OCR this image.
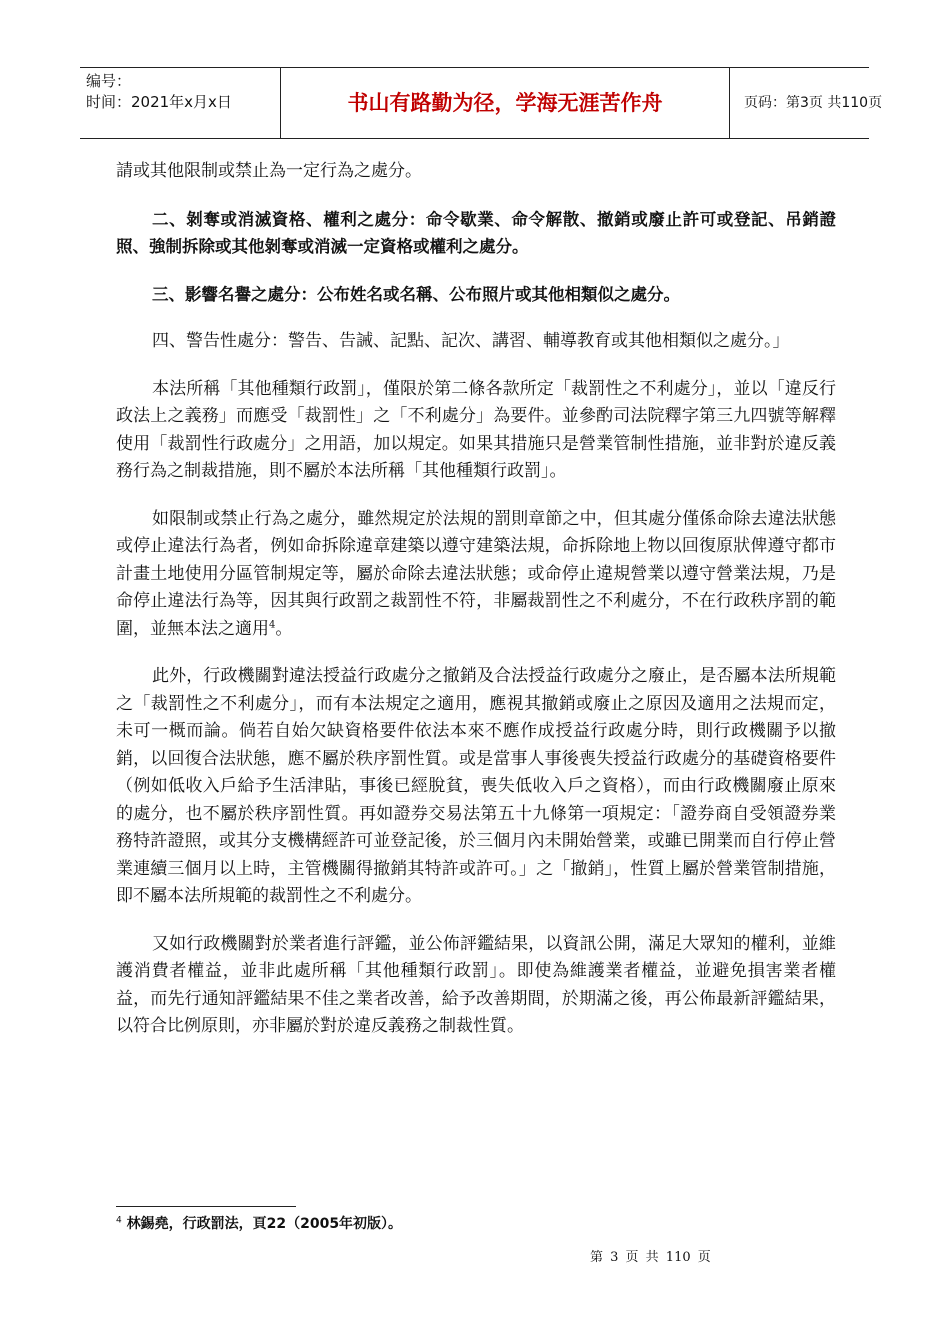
编号：
时间：2021年x月x日	书山有路勤为径，学海无涯苦作舟	页码：第3页 共110页

請或其他限制或禁止為一定行為之處分。

二、剝奪或消滅資格、權利之處分：命令歇業、命令解散、撤銷或廢止許可或登記、吊銷證照、強制拆除或其他剝奪或消滅一定資格或權利之處分。

三、影響名譽之處分：公布姓名或名稱、公布照片或其他相類似之處分。

四、警告性處分：警告、告誡、記點、記次、講習、輔導教育或其他相類似之處分。」

本法所稱「其他種類行政罰」，僅限於第二條各款所定「裁罰性之不利處分」，並以「違反行政法上之義務」而應受「裁罰性」之「不利處分」為要件。並參酌司法院釋字第三九四號等解釋使用「裁罰性行政處分」之用語，加以規定。如果其措施只是營業管制性措施，並非對於違反義務行為之制裁措施，則不屬於本法所稱「其他種類行政罰」。

如限制或禁止行為之處分，雖然規定於法規的罰則章節之中，但其處分僅係命除去違法狀態或停止違法行為者，例如命拆除違章建築以遵守建築法規，命拆除地上物以回復原狀俾遵守都市計畫土地使用分區管制規定等，屬於命除去違法狀態；或命停止違規營業以遵守營業法規，乃是命停止違法行為等，因其與行政罰之裁罰性不符，非屬裁罰性之不利處分，不在行政秩序罰的範圍，並無本法之適用$^4$。

此外，行政機關對違法授益行政處分之撤銷及合法授益行政處分之廢止，是否屬本法所規範之「裁罰性之不利處分」，而有本法規定之適用，應視其撤銷或廢止之原因及適用之法規而定，未可一概而論。倘若自始欠缺資格要件依法本來不應作成授益行政處分時，則行政機關予以撤銷，以回復合法狀態，應不屬於秩序罰性質。或是當事人事後喪失授益行政處分的基礎資格要件（例如低收入戶給予生活津貼，事後已經脫貧，喪失低收入戶之資格），而由行政機關廢止原來的處分，也不屬於秩序罰性質。再如證券交易法第五十九條第一項規定：「證券商自受領證券業務特許證照，或其分支機構經許可並登記後，於三個月內未開始營業，或雖已開業而自行停止營業連續三個月以上時，主管機關得撤銷其特許或許可。」之「撤銷」，性質上屬於營業管制措施，即不屬本法所規範的裁罰性之不利處分。

又如行政機關對於業者進行評鑑，並公佈評鑑結果，以資訊公開，滿足大眾知的權利，並維護消費者權益，並非此處所稱「其他種類行政罰」。即使為維護業者權益，並避免損害業者權益，而先行通知評鑑結果不佳之業者改善，給予改善期間，於期滿之後，再公佈最新評鑑結果，以符合比例原則，亦非屬於對於違反義務之制裁性質。

$^4$ 林錫堯，行政罰法，頁22（2005年初版）。
第 3 页 共 110 页
